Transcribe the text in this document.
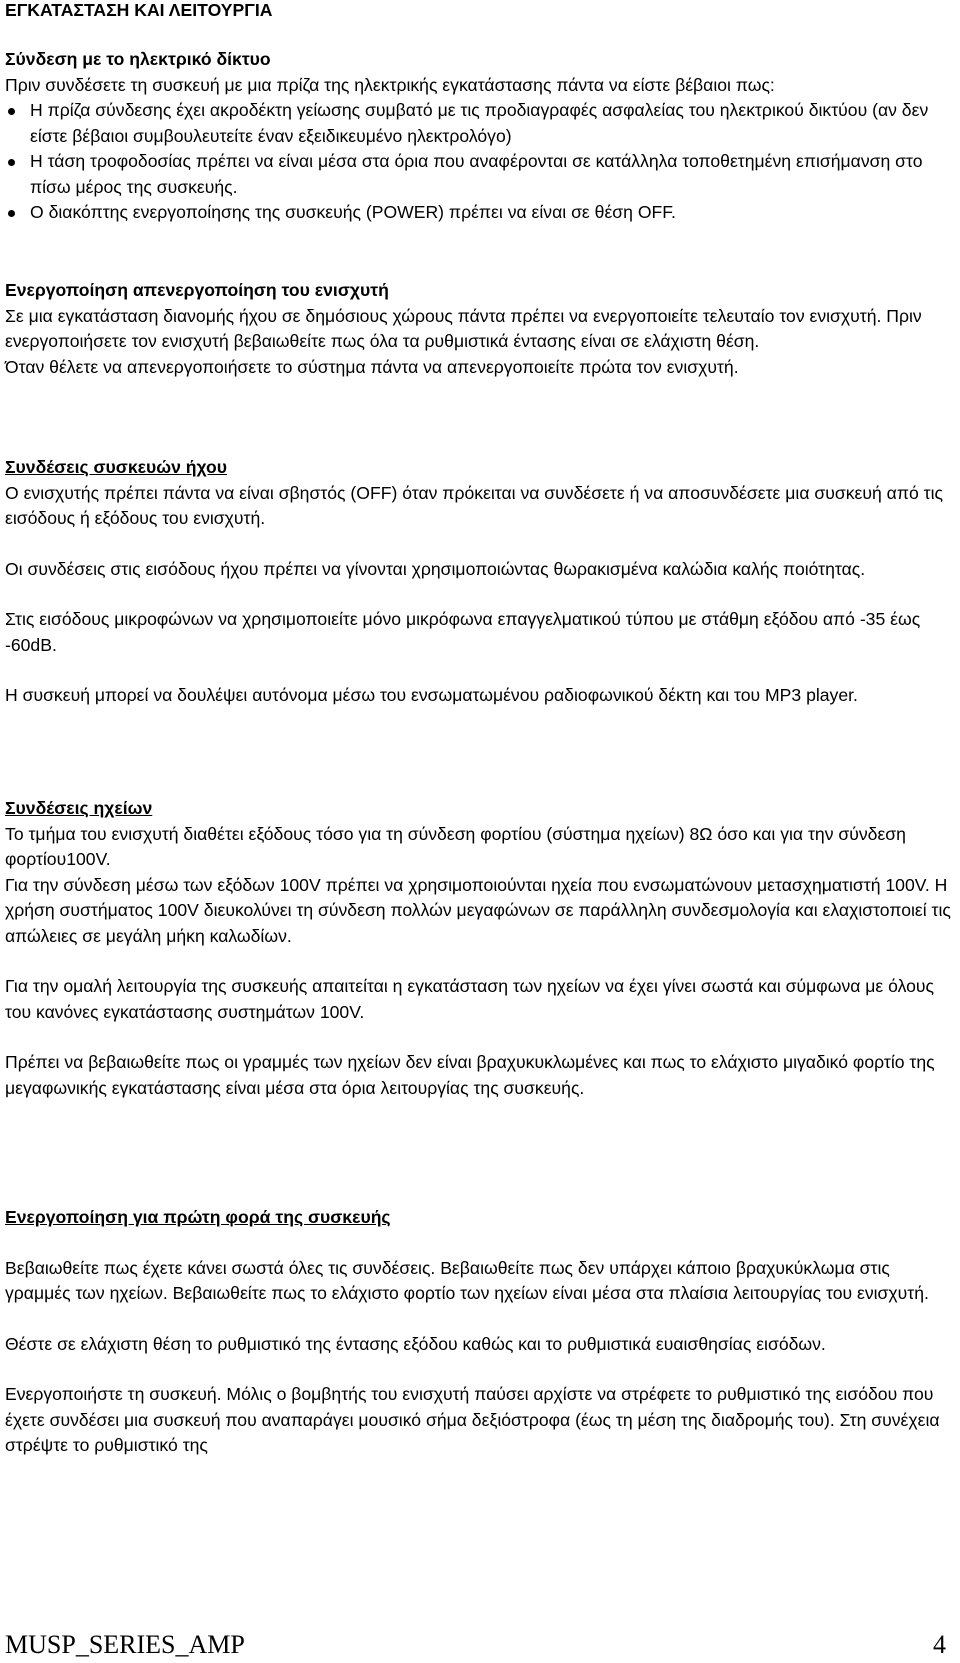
ΕΓΚΑΤΑΣΤΑΣΗ ΚΑΙ ΛΕΙΤΟΥΡΓΙΑ

Σύνδεση με το ηλεκτρικό δίκτυο

Πριν συνδέσετε τη συσκευή με μια πρίζα της ηλεκτρικής εγκατάστασης πάντα να είστε βέβαιοι πως:

Η πρίζα σύνδεσης έχει ακροδέκτη γείωσης συμβατό με τις προδιαγραφές ασφαλείας του ηλεκτρικού δικτύου (αν δεν είστε βέβαιοι συμβουλευτείτε έναν εξειδικευμένο ηλεκτρολόγο)
Η τάση τροφοδοσίας πρέπει να είναι μέσα στα όρια που αναφέρονται σε κατάλληλα τοποθετημένη επισήμανση στο πίσω μέρος της συσκευής.
Ο διακόπτης ενεργοποίησης της συσκευής (POWER) πρέπει να είναι σε θέση OFF.

Ενεργοποίηση απενεργοποίηση του ενισχυτή

Σε μια εγκατάσταση διανομής ήχου σε δημόσιους χώρους πάντα πρέπει να ενεργοποιείτε τελευταίο τον ενισχυτή. Πριν ενεργοποιήσετε τον ενισχυτή βεβαιωθείτε πως όλα τα ρυθμιστικά έντασης είναι σε ελάχιστη θέση.

Όταν θέλετε να απενεργοποιήσετε το σύστημα πάντα να απενεργοποιείτε πρώτα τον ενισχυτή.

Συνδέσεις συσκευών ήχου

Ο ενισχυτής πρέπει πάντα να είναι σβηστός (OFF) όταν πρόκειται να συνδέσετε ή να αποσυνδέσετε μια συσκευή από τις εισόδους ή εξόδους του ενισχυτή.

Οι συνδέσεις στις εισόδους ήχου πρέπει να γίνονται χρησιμοποιώντας θωρακισμένα καλώδια καλής ποιότητας.

Στις εισόδους μικροφώνων να χρησιμοποιείτε μόνο μικρόφωνα επαγγελματικού τύπου με στάθμη εξόδου από -35 έως -60dB.

Η συσκευή μπορεί να δουλέψει αυτόνομα μέσω του ενσωματωμένου ραδιοφωνικού δέκτη και του MP3 player.

Συνδέσεις ηχείων

Το τμήμα του ενισχυτή διαθέτει εξόδους τόσο για τη σύνδεση φορτίου (σύστημα ηχείων) 8Ω όσο και για την σύνδεση φορτίου100V.

Για την σύνδεση μέσω των εξόδων 100V πρέπει να χρησιμοποιούνται ηχεία που ενσωματώνουν μετασχηματιστή 100V. Η χρήση συστήματος 100V διευκολύνει τη σύνδεση πολλών μεγαφώνων σε παράλληλη συνδεσμολογία και ελαχιστοποιεί τις απώλειες σε μεγάλη μήκη καλωδίων.

Για την ομαλή λειτουργία της συσκευής απαιτείται η εγκατάσταση των ηχείων να έχει γίνει σωστά και σύμφωνα με όλους του κανόνες εγκατάστασης συστημάτων 100V.

Πρέπει να βεβαιωθείτε πως οι γραμμές των ηχείων δεν είναι βραχυκυκλωμένες και πως το ελάχιστο μιγαδικό φορτίο της μεγαφωνικής εγκατάστασης είναι μέσα στα όρια λειτουργίας της συσκευής.

Ενεργοποίηση για πρώτη φορά της συσκευής

Βεβαιωθείτε πως έχετε κάνει σωστά όλες τις συνδέσεις. Βεβαιωθείτε πως δεν υπάρχει κάποιο βραχυκύκλωμα στις γραμμές των ηχείων. Βεβαιωθείτε πως το ελάχιστο φορτίο των ηχείων είναι μέσα στα πλαίσια λειτουργίας του ενισχυτή.

Θέστε σε ελάχιστη θέση το ρυθμιστικό της έντασης εξόδου καθώς και το ρυθμιστικά ευαισθησίας εισόδων.

Ενεργοποιήστε τη συσκευή. Μόλις ο βομβητής του ενισχυτή παύσει αρχίστε να στρέφετε το ρυθμιστικό της εισόδου που έχετε συνδέσει μια συσκευή που αναπαράγει μουσικό σήμα δεξιόστροφα (έως τη μέση της διαδρομής του). Στη συνέχεια στρέψτε το ρυθμιστικό της

MUSP_SERIES_AMP	4
